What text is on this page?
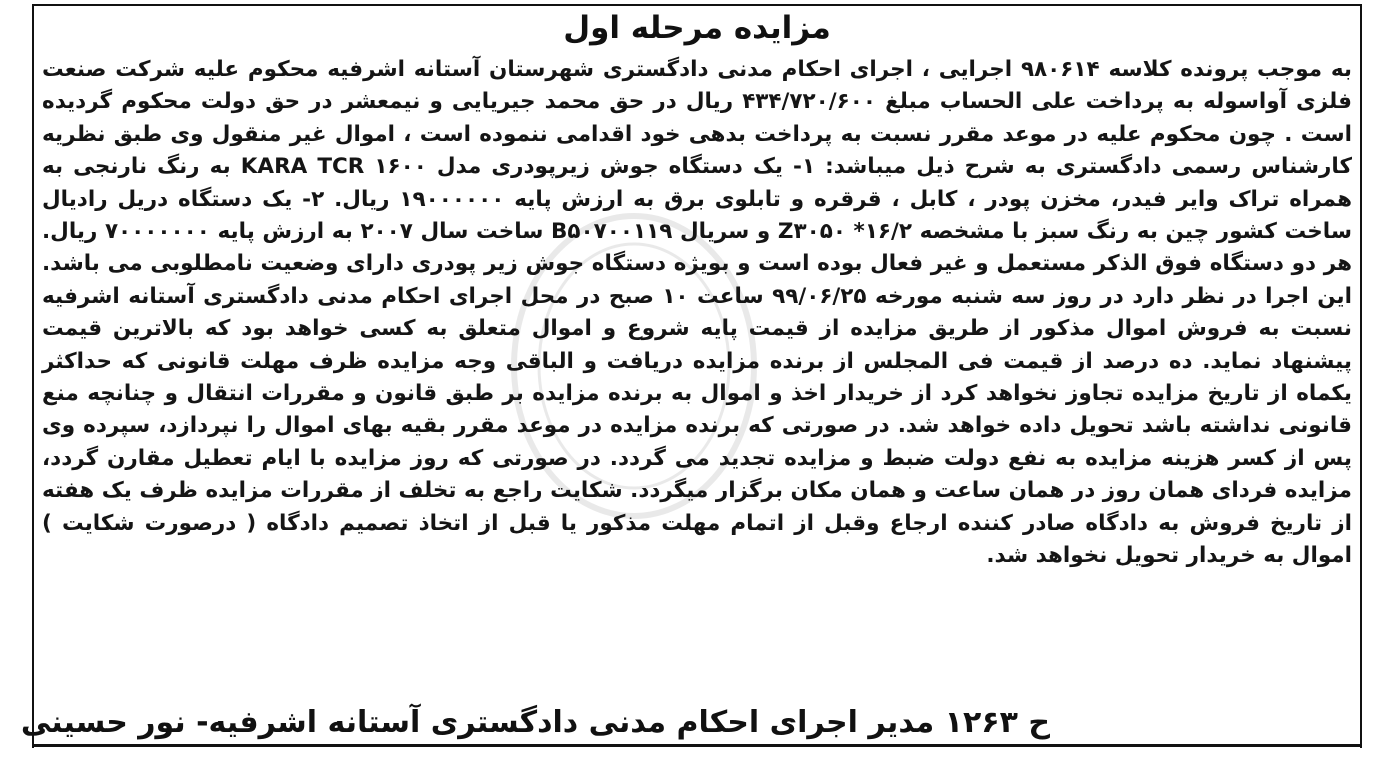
مزایده مرحله اول

به موجب پرونده کلاسه ۹۸۰۶۱۴ اجرایی ، اجرای احکام مدنی دادگستری شهرستان آستانه اشرفیه محکوم علیه شرکت صنعت فلزی آواسوله به پرداخت علی الحساب مبلغ ۴۳۴/۷۲۰/۶۰۰ ریال در حق محمد جیریایی و نیمعشر در حق دولت محکوم گردیده است . چون محکوم علیه در موعد مقرر نسبت به پرداخت بدهی خود اقدامی ننموده است ، اموال غیر منقول وی طبق نظریه کارشناس رسمی دادگستری به شرح ذیل میباشد: ۱- یک دستگاه جوش زیرپودری مدل KARA TCR ۱۶۰۰ به رنگ نارنجی به همراه تراک وایر فیدر، مخزن پودر ، کابل ، قرقره و تابلوی برق به ارزش پایه ۱۹۰۰۰۰۰۰ ریال. ۲- یک دستگاه دریل رادیال ساخت کشور چین به رنگ سبز با مشخصه ۱۶/۲* Z۳۰۵۰ و سریال B۵۰۷۰۰۱۱۹ ساخت سال ۲۰۰۷ به ارزش پایه ۷۰۰۰۰۰۰۰ ریال. هر دو دستگاه فوق الذکر مستعمل و غیر فعال بوده است و بویژه دستگاه جوش زیر پودری دارای وضعیت نامطلوبی می باشد. این اجرا در نظر دارد در روز سه شنبه مورخه ۹۹/۰۶/۲۵ ساعت ۱۰ صبح در محل اجرای احکام مدنی دادگستری آستانه اشرفیه نسبت به فروش اموال مذکور از طریق مزایده از قیمت پایه شروع و اموال متعلق به کسی خواهد بود که بالاترین قیمت پیشنهاد نماید. ده درصد از قیمت فی المجلس از برنده مزایده دریافت و الباقی وجه مزایده ظرف مهلت قانونی که حداکثر یکماه از تاریخ مزایده تجاوز نخواهد کرد از خریدار اخذ و اموال به برنده مزایده بر طبق قانون و مقررات انتقال و چنانچه منع قانونی نداشته باشد تحویل داده خواهد شد. در صورتی که برنده مزایده در موعد مقرر بقیه بهای اموال را نپردازد، سپرده وی پس از کسر هزینه مزایده به نفع دولت ضبط و مزایده تجدید می گردد. در صورتی که روز مزایده با ایام تعطیل مقارن گردد، مزایده فردای همان روز در همان ساعت و همان مکان برگزار میگردد. شکایت راجع به تخلف از مقررات مزایده ظرف یک هفته از تاریخ فروش به دادگاه صادر کننده ارجاع وقبل از اتمام مهلت مذکور یا قبل از اتخاذ تصمیم دادگاه ( درصورت شکایت ) اموال به خریدار تحویل نخواهد شد.

ح ۱۲۶۳ مدیر اجرای احکام مدنی دادگستری آستانه اشرفیه- نور حسینی
